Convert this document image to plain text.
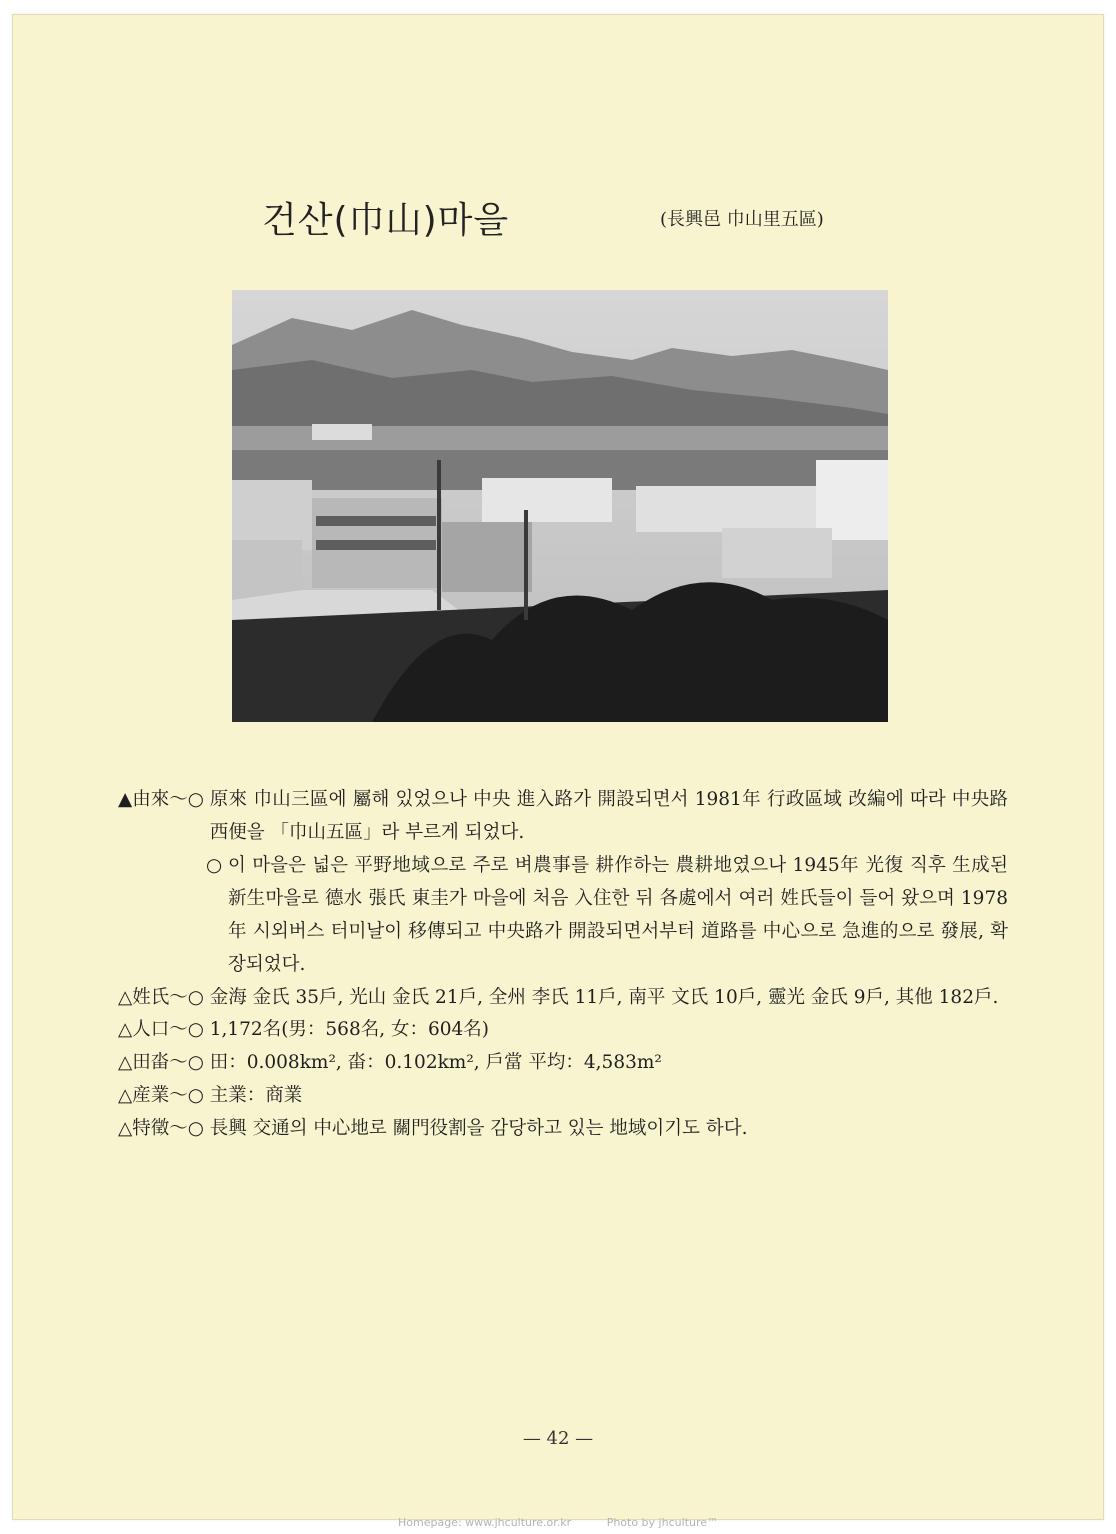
건산(巾山)마을	(長興邑 巾山里五區)
▲由來～ ○ 原來 巾山三區에 屬해 있었으나 中央 進入路가 開設되면서 1981年 行政區域 改編에 따라 中央路 西便을 「巾山五區」라 부르게 되었다.
○ 이 마을은 넓은 平野地域으로 주로 벼農事를 耕作하는 農耕地였으나 1945年 光復 직후 生成된 新生마을로 德水 張氏 東圭가 마을에 처음 入住한 뒤 各處에서 여러 姓氏들이 들어 왔으며 1978年 시외버스 터미날이 移傳되고 中央路가 開設되면서부터 道路를 中心으로 急進的으로 發展, 확장되었다.
△姓氏～ ○ 金海 金氏 35戶, 光山 金氏 21戶, 全州 李氏 11戶, 南平 文氏 10戶, 靈光 金氏 9戶, 其他 182戶.
△人口～ ○ 1,172名(男：568名, 女：604名)
△田畓～ ○ 田：0.008km², 畓：0.102km², 戶當 平均：4,583m²
△産業～ ○ 主業：商業
△特徵～ ○ 長興 交通의 中心地로 關門役割을 감당하고 있는 地域이기도 하다.
— 42 —
Homepage: www.jhculture.or.kr	Photo by jhculture™
